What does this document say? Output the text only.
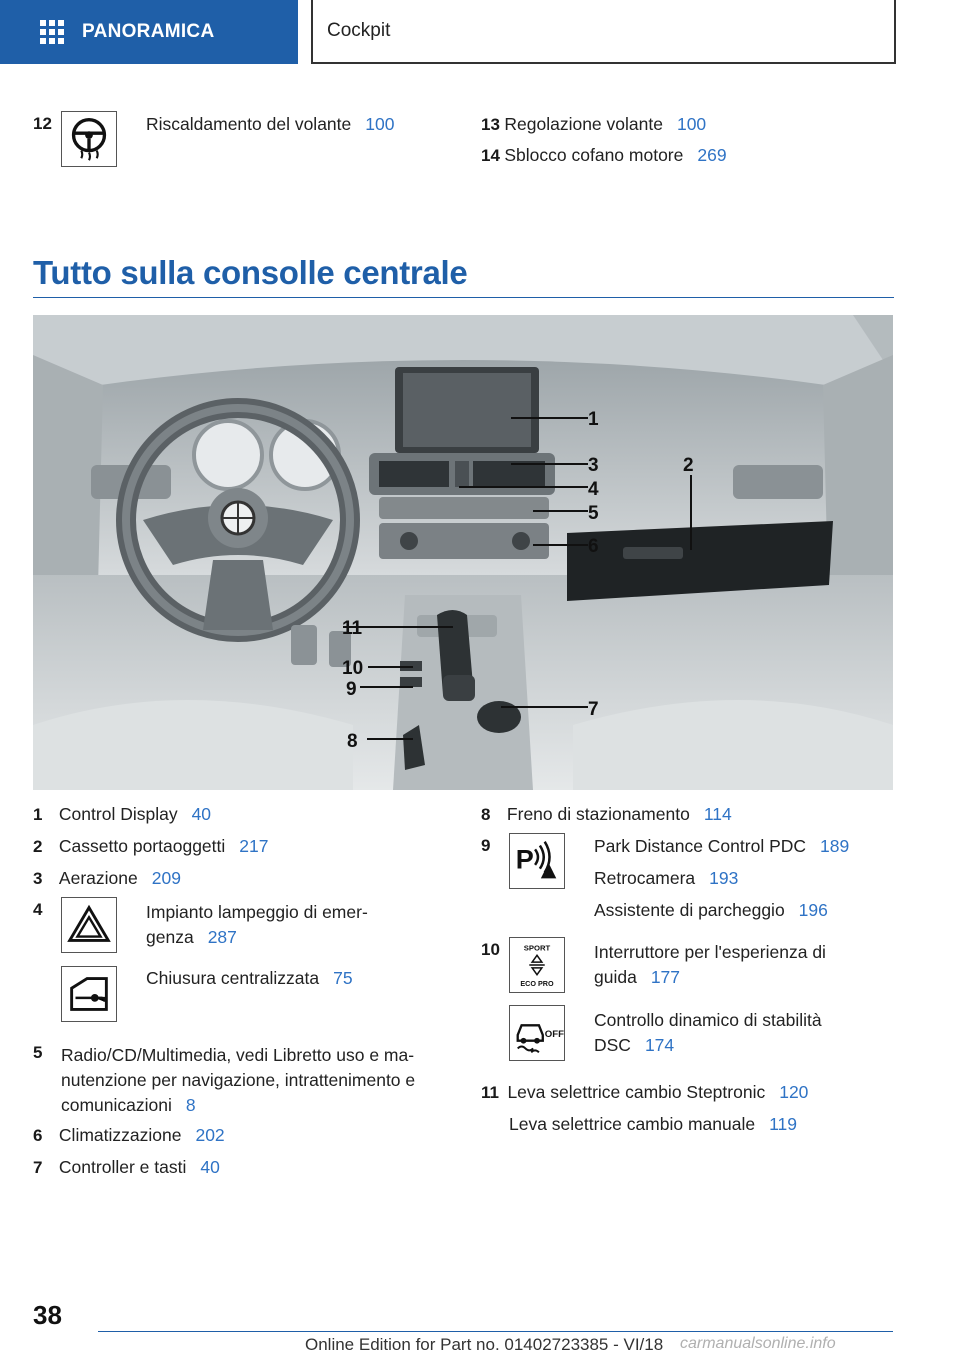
PANORAMICA	Cockpit
12	Riscaldamento del volante 100	13 Regolazione volante 100
14 Sblocco cofano motore 269
Tutto sulla consolle centrale
1
2
3
4
5
6
7
8
9
10
11
1 Control Display 40
2 Cassetto portaoggetti 217
3 Aerazione 209
4	Impianto lampeggio di emer-
genza 287
Chiusura centralizzata 75
5 Radio/CD/Multimedia, vedi Libretto uso e ma-
nutenzione per navigazione, intrattenimento e
comunicazioni 8
6 Climatizzazione 202
7 Controller e tasti 40
8 Freno di stazionamento 114
9 P	Park Distance Control PDC 189
Retrocamera 193
Assistente di parcheggio 196
10	SPORT
ECO PRO
Interruttore per l'esperienza di
guida 177
OFF
Controllo dinamico di stabilità
DSC 174
11 Leva selettrice cambio Steptronic 120
Leva selettrice cambio manuale 119
38
Online Edition for Part no. 01402723385 - VI/18 carmanualsonline.info
